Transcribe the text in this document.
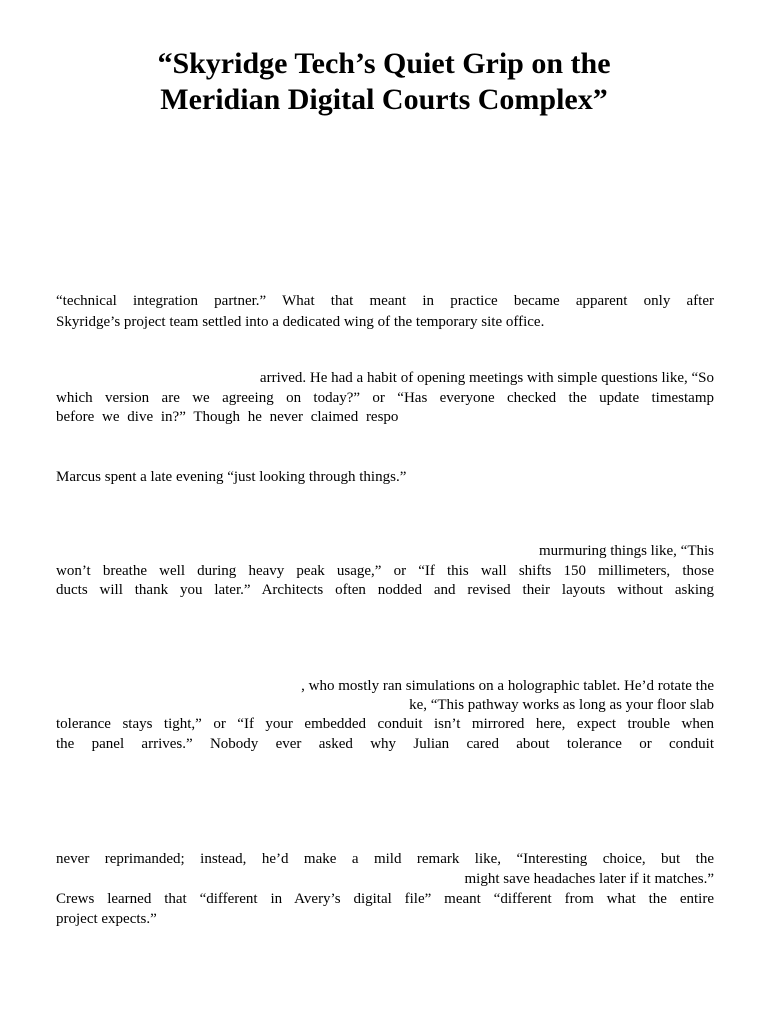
“Skyridge Tech’s Quiet Grip on the
Meridian Digital Courts Complex”

“technical integration partner.” What that meant in practice became apparent only after

Skyridge’s project team settled into a dedicated wing of the temporary site office.

arrived. He had a habit of opening meetings with simple questions like, “So

which version are we agreeing on today?” or “Has everyone checked the update timestamp

before we dive in?” Though he never claimed respo

Marcus spent a late evening “just looking through things.”

murmuring things like, “This

won’t breathe well during heavy peak usage,” or “If this wall shifts 150 millimeters, those

ducts will thank you later.” Architects often nodded and revised their layouts without asking

, who mostly ran simulations on a holographic tablet. He’d rotate the

ke, “This pathway works as long as your floor slab

tolerance stays tight,” or “If your embedded conduit isn’t mirrored here, expect trouble when

the panel arrives.” Nobody ever asked why Julian cared about tolerance or conduit

never reprimanded; instead, he’d make a mild remark like, “Interesting choice, but the

might save headaches later if it matches.”

Crews learned that “different in Avery’s digital file” meant “different from what the entire

project expects.”
